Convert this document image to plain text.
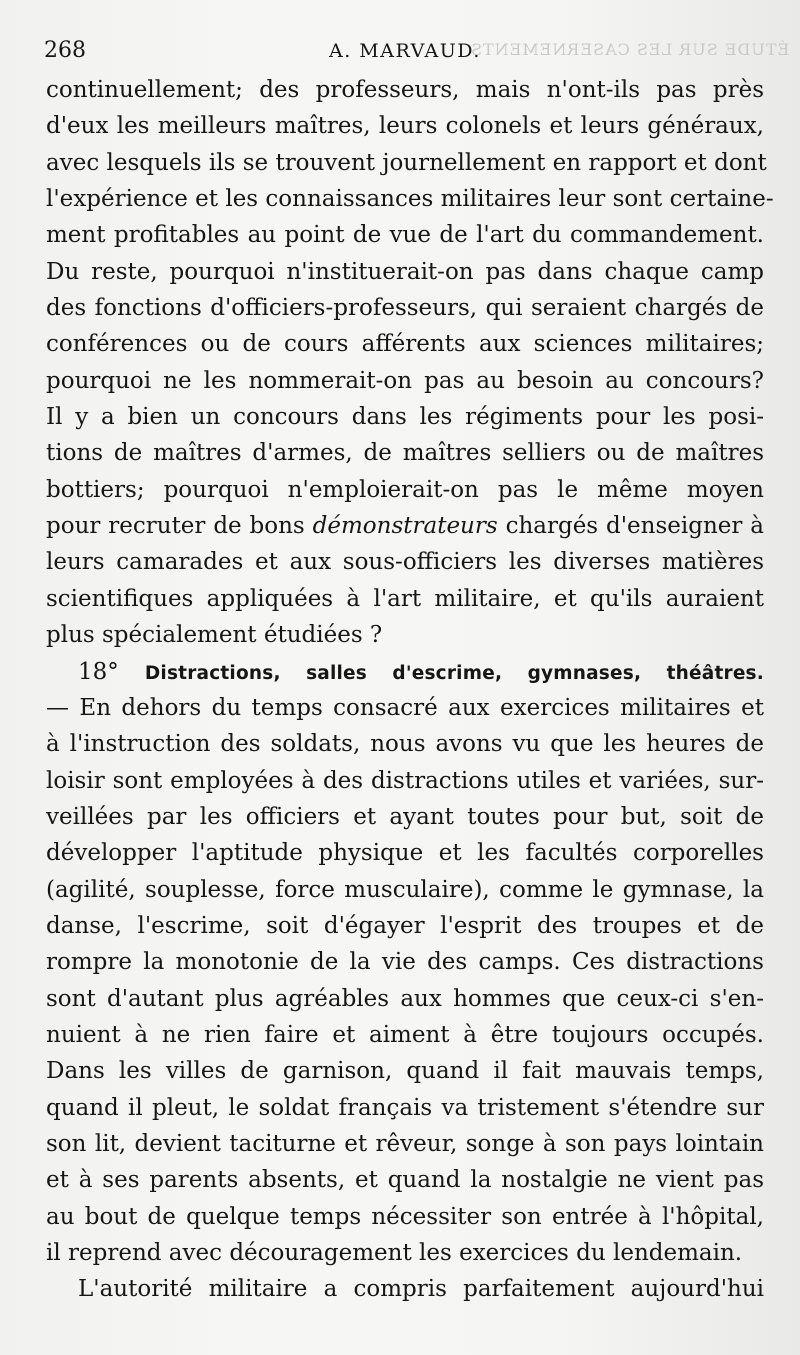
268	A. MARVAUD.
ÉTUDE SUR LES CASERNEMENTS
continuellement; des professeurs, mais n'ont-ils pas près
d'eux les meilleurs maîtres, leurs colonels et leurs généraux,
avec lesquels ils se trouvent journellement en rapport et dont
l'expérience et les connaissances militaires leur sont certaine-
ment profitables au point de vue de l'art du commandement.
Du reste, pourquoi n'instituerait-on pas dans chaque camp
des fonctions d'officiers-professeurs, qui seraient chargés de
conférences ou de cours afférents aux sciences militaires;
pourquoi ne les nommerait-on pas au besoin au concours?
Il y a bien un concours dans les régiments pour les posi-
tions de maîtres d'armes, de maîtres selliers ou de maîtres
bottiers; pourquoi n'emploierait-on pas le même moyen
pour recruter de bons démonstrateurs chargés d'enseigner à
leurs camarades et aux sous-officiers les diverses matières
scientifiques appliquées à l'art militaire, et qu'ils auraient
plus spécialement étudiées ?
18° Distractions, salles d'escrime, gymnases, théâtres.
— En dehors du temps consacré aux exercices militaires et
à l'instruction des soldats, nous avons vu que les heures de
loisir sont employées à des distractions utiles et variées, sur-
veillées par les officiers et ayant toutes pour but, soit de
développer l'aptitude physique et les facultés corporelles
(agilité, souplesse, force musculaire), comme le gymnase, la
danse, l'escrime, soit d'égayer l'esprit des troupes et de
rompre la monotonie de la vie des camps. Ces distractions
sont d'autant plus agréables aux hommes que ceux-ci s'en-
nuient à ne rien faire et aiment à être toujours occupés.
Dans les villes de garnison, quand il fait mauvais temps,
quand il pleut, le soldat français va tristement s'étendre sur
son lit, devient taciturne et rêveur, songe à son pays lointain
et à ses parents absents, et quand la nostalgie ne vient pas
au bout de quelque temps nécessiter son entrée à l'hôpital,
il reprend avec découragement les exercices du lendemain.
L'autorité militaire a compris parfaitement aujourd'hui
